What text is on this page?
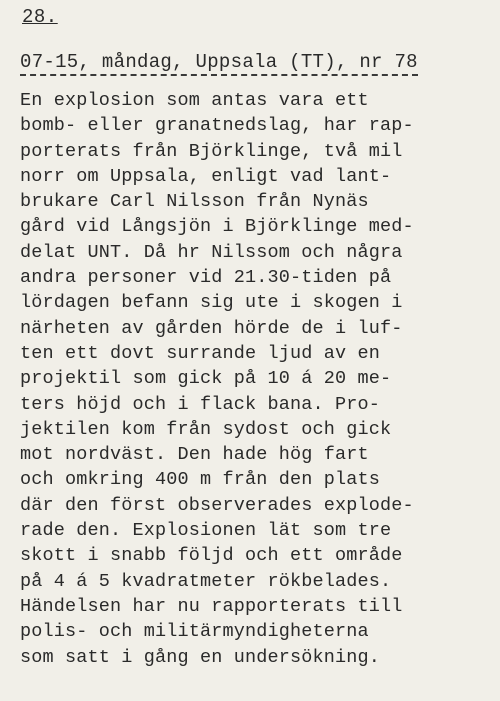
28.
07-15, måndag, Uppsala (TT), nr 78
En explosion som antas vara ett
bomb- eller granatnedslag, har rap-
porterats från Björklinge, två mil
norr om Uppsala, enligt vad lant-
brukare Carl Nilsson från Nynäs
gård vid Långsjön i Björklinge med-
delat UNT. Då hr Nilssom och några
andra personer vid 21.30-tiden på
lördagen befann sig ute i skogen i
närheten av gården hörde de i luf-
ten ett dovt surrande ljud av en
projektil som gick på 10 á 20 me-
ters höjd och i flack bana. Pro-
jektilen kom från sydost och gick
mot nordväst. Den hade hög fart
och omkring 400 m från den plats
där den först observerades explode-
rade den. Explosionen lät som tre
skott i snabb följd och ett område
på 4 á 5 kvadratmeter rökbelades.
Händelsen har nu rapporterats till
polis- och militärmyndigheterna
som satt i gång en undersökning.
